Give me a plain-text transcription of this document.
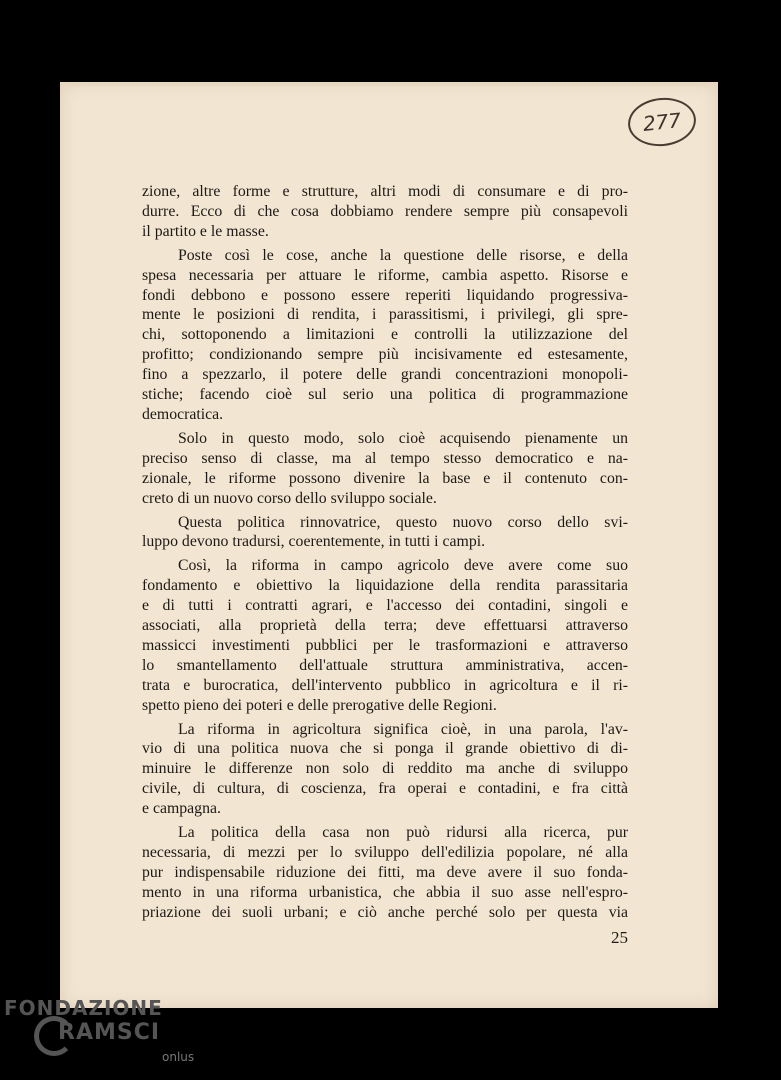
277

zione, altre forme e strutture, altri modi di consumare e di pro-
durre. Ecco di che cosa dobbiamo rendere sempre più consapevoli
il partito e le masse.

Poste così le cose, anche la questione delle risorse, e della
spesa necessaria per attuare le riforme, cambia aspetto. Risorse e
fondi debbono e possono essere reperiti liquidando progressiva-
mente le posizioni di rendita, i parassitismi, i privilegi, gli spre-
chi, sottoponendo a limitazioni e controlli la utilizzazione del
profitto; condizionando sempre più incisivamente ed estesamente,
fino a spezzarlo, il potere delle grandi concentrazioni monopoli-
stiche; facendo cioè sul serio una politica di programmazione
democratica.

Solo in questo modo, solo cioè acquisendo pienamente un
preciso senso di classe, ma al tempo stesso democratico e na-
zionale, le riforme possono divenire la base e il contenuto con-
creto di un nuovo corso dello sviluppo sociale.

Questa politica rinnovatrice, questo nuovo corso dello svi-
luppo devono tradursi, coerentemente, in tutti i campi.

Così, la riforma in campo agricolo deve avere come suo
fondamento e obiettivo la liquidazione della rendita parassitaria
e di tutti i contratti agrari, e l'accesso dei contadini, singoli e
associati, alla proprietà della terra; deve effettuarsi attraverso
massicci investimenti pubblici per le trasformazioni e attraverso
lo smantellamento dell'attuale struttura amministrativa, accen-
trata e burocratica, dell'intervento pubblico in agricoltura e il ri-
spetto pieno dei poteri e delle prerogative delle Regioni.

La riforma in agricoltura significa cioè, in una parola, l'av-
vio di una politica nuova che si ponga il grande obiettivo di di-
minuire le differenze non solo di reddito ma anche di sviluppo
civile, di cultura, di coscienza, fra operai e contadini, e fra città
e campagna.

La politica della casa non può ridursi alla ricerca, pur
necessaria, di mezzi per lo sviluppo dell'edilizia popolare, né alla
pur indispensabile riduzione dei fitti, ma deve avere il suo fonda-
mento in una riforma urbanistica, che abbia il suo asse nell'espro-
priazione dei suoli urbani; e ciò anche perché solo per questa via

25
FONDAZIONE
RAMSCI
onlus
